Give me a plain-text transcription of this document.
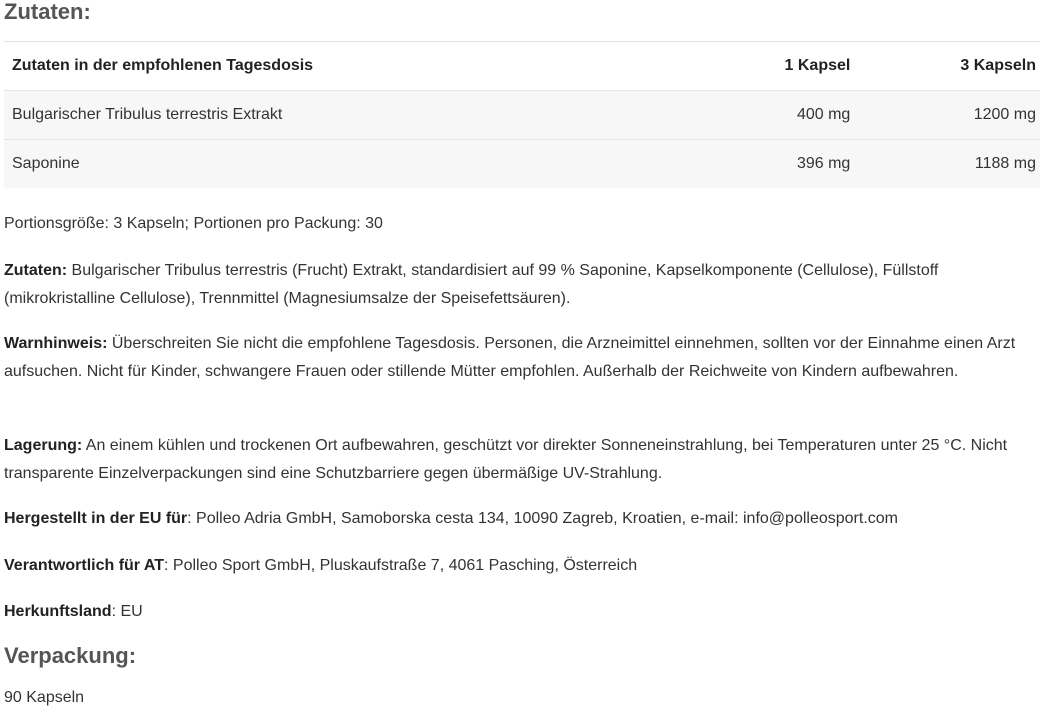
Zutaten:
Zutaten in der empfohlenen Tagesdosis	1 Kapsel	3 Kapseln
Bulgarischer Tribulus terrestris Extrakt	400 mg	1200 mg
Saponine	396 mg	1188 mg

Portionsgröße: 3 Kapseln; Portionen pro Packung: 30

Zutaten: Bulgarischer Tribulus terrestris (Frucht) Extrakt, standardisiert auf 99 % Saponine, Kapselkomponente (Cellulose), Füllstoff (mikrokristalline Cellulose), Trennmittel (Magnesiumsalze der Speisefettsäuren).

Warnhinweis: Überschreiten Sie nicht die empfohlene Tagesdosis. Personen, die Arzneimittel einnehmen, sollten vor der Einnahme einen Arzt aufsuchen. Nicht für Kinder, schwangere Frauen oder stillende Mütter empfohlen. Außerhalb der Reichweite von Kindern aufbewahren.

Lagerung: An einem kühlen und trockenen Ort aufbewahren, geschützt vor direkter Sonneneinstrahlung, bei Temperaturen unter 25 °C. Nicht transparente Einzelverpackungen sind eine Schutzbarriere gegen übermäßige UV-Strahlung.

Hergestellt in der EU für: Polleo Adria GmbH, Samoborska cesta 134, 10090 Zagreb, Kroatien, e-mail: info@polleosport.com

Verantwortlich für AT: Polleo Sport GmbH, Pluskaufstraße 7, 4061 Pasching, Österreich

Herkunftsland: EU

Verpackung:

90 Kapseln
